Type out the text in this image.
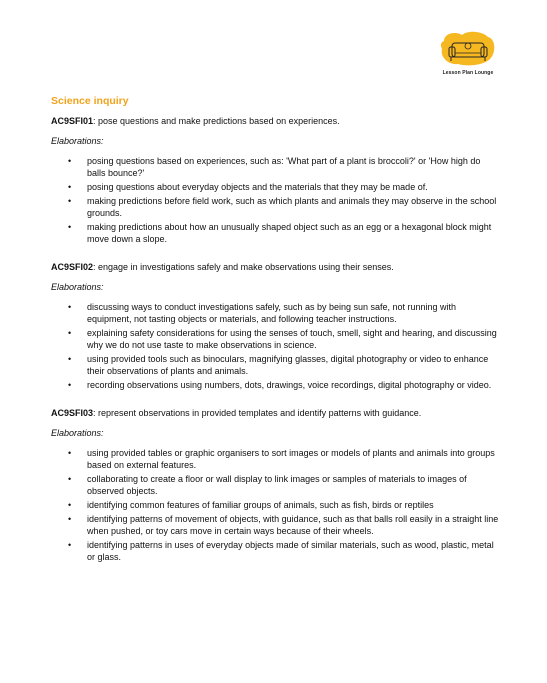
Lesson Plan Lounge
Science inquiry

AC9SFI01: pose questions and make predictions based on experiences.

Elaborations:

• posing questions based on experiences, such as: 'What part of a plant is broccoli?' or 'How high do balls bounce?'
• posing questions about everyday objects and the materials that they may be made of.
• making predictions before field work, such as which plants and animals they may observe in the school grounds.
• making predictions about how an unusually shaped object such as an egg or a hexagonal block might move down a slope.

AC9SFI02: engage in investigations safely and make observations using their senses.

Elaborations:

• discussing ways to conduct investigations safely, such as by being sun safe, not running with equipment, not tasting objects or materials, and following teacher instructions.
• explaining safety considerations for using the senses of touch, smell, sight and hearing, and discussing why we do not use taste to make observations in science.
• using provided tools such as binoculars, magnifying glasses, digital photography or video to enhance their observations of plants and animals.
• recording observations using numbers, dots, drawings, voice recordings, digital photography or video.

AC9SFI03: represent observations in provided templates and identify patterns with guidance.

Elaborations:

• using provided tables or graphic organisers to sort images or models of plants and animals into groups based on external features.
• collaborating to create a floor or wall display to link images or samples of materials to images of observed objects.
• identifying common features of familiar groups of animals, such as fish, birds or reptiles
• identifying patterns of movement of objects, with guidance, such as that balls roll easily in a straight line when pushed, or toy cars move in certain ways because of their wheels.
• identifying patterns in uses of everyday objects made of similar materials, such as wood, plastic, metal or glass.
